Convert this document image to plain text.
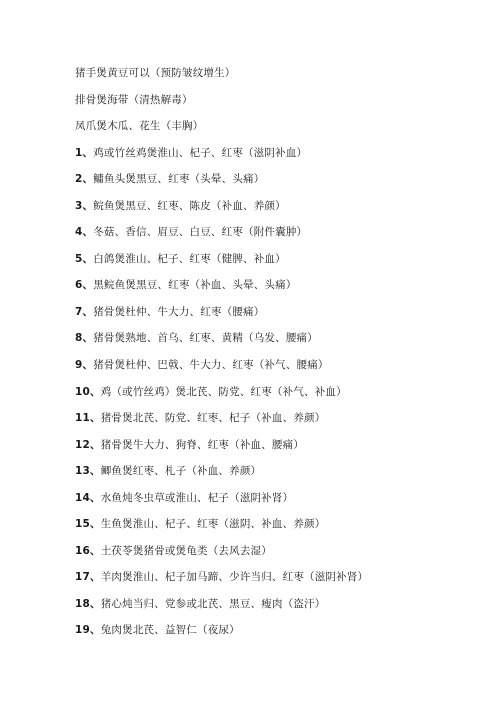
猪手煲黄豆可以（预防皱纹增生）
排骨煲海带（清热解毒）
凤爪煲木瓜、花生（丰胸）
1、鸡或竹丝鸡煲淮山、杞子、红枣（滋阴补血）
2、鳙鱼头煲黑豆、红枣（头晕、头痛）
3、鲩鱼煲黑豆、红枣、陈皮（补血、养颜）
4、冬菇、香信、眉豆、白豆、红枣（附件囊肿）
5、白鸽煲淮山、杞子、红枣（健脾、补血）
6、黑鲩鱼煲黑豆、红枣（补血、头晕、头痛）
7、猪骨煲杜仲、牛大力、红枣（腰痛）
8、猪骨煲熟地、首乌、红枣、黄精（乌发、腰痛）
9、猪骨煲杜仲、巴戟、牛大力、红枣（补气、腰痛）
10、鸡（或竹丝鸡）煲北芪、防党、红枣（补气、补血）
11、猪骨煲北芪、防党、红枣、杞子（补血、养颜）
12、猪骨煲牛大力、狗脊、红枣（补血、腰痛）
13、鲫鱼煲红枣、札子（补血、养颜）
14、水鱼炖冬虫草或淮山、杞子（滋阴补肾）
15、生鱼煲淮山、杞子、红枣（滋阴、补血、养颜）
16、土茯苓煲猪骨或煲龟类（去风去湿）
17、羊肉煲淮山、杞子加马蹄、少许当归、红枣（滋阴补肾）
18、猪心炖当归、党参或北芪、黑豆、瘦肉（盗汗）
19、兔肉煲北芪、益智仁（夜尿）
